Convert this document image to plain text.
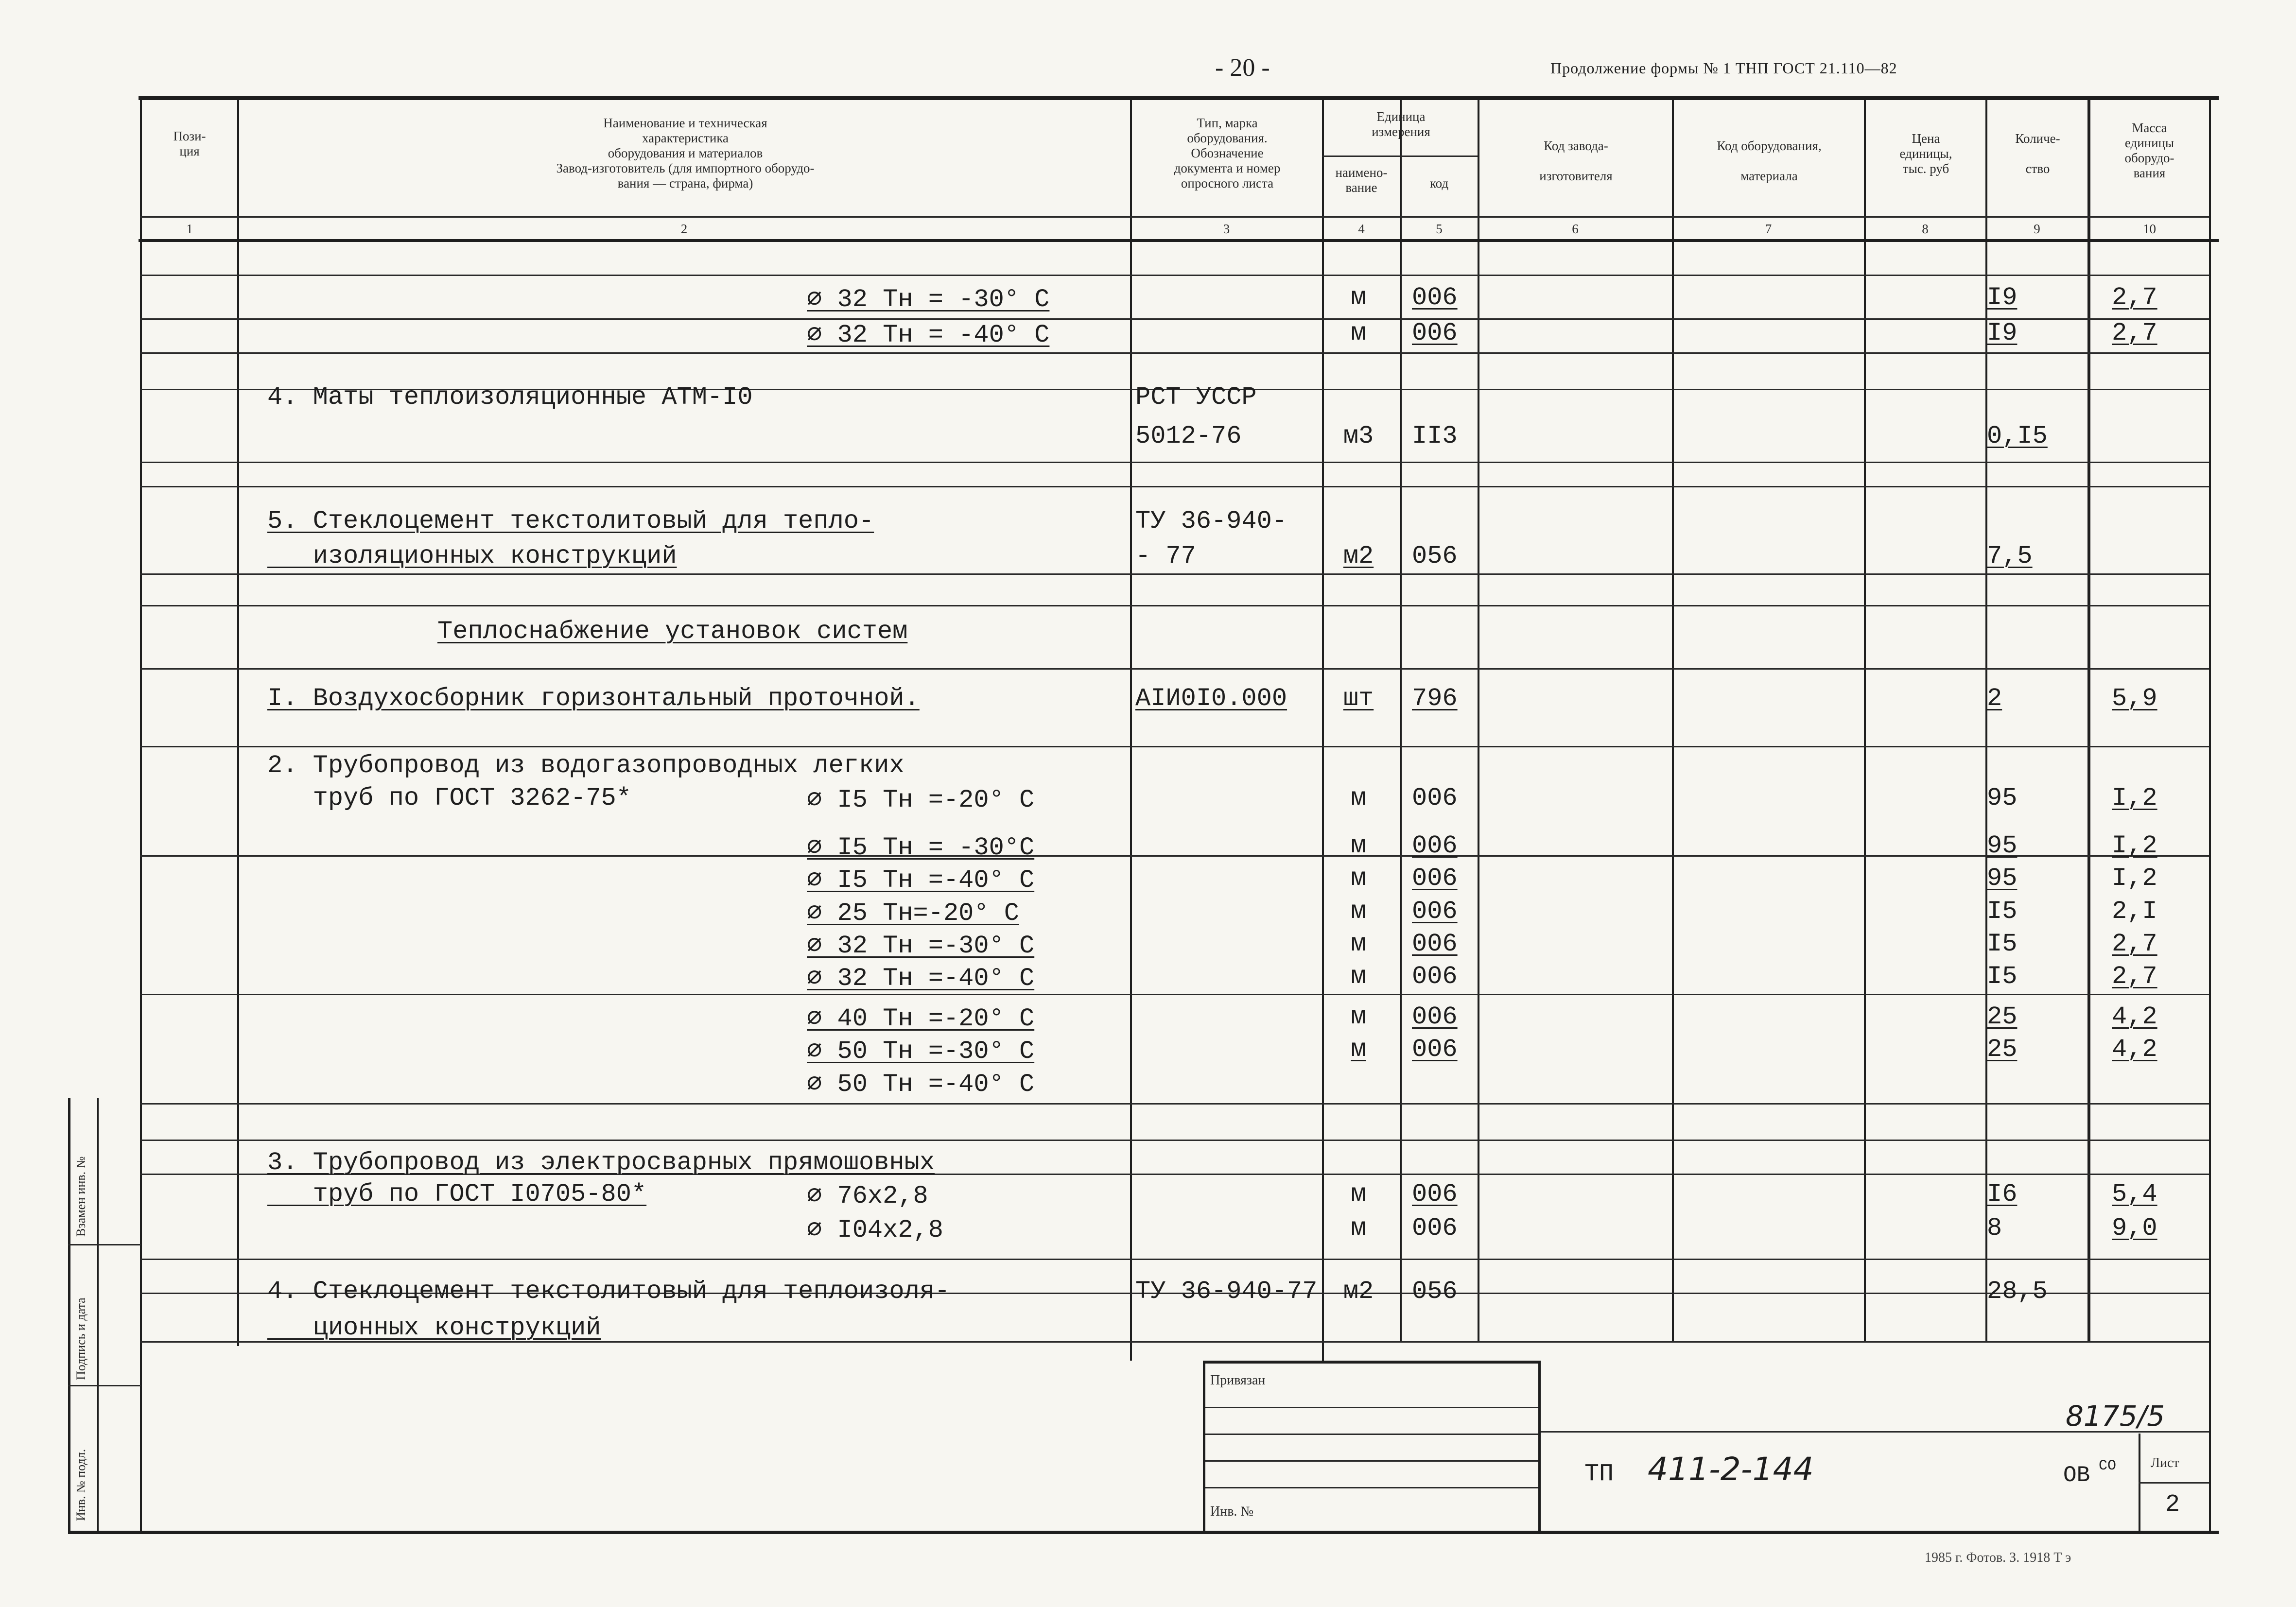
- 20 -	Продолжение формы № 1 ТНП ГОСТ 21.110—82
Пози-
ция
Наименование и техническая
характеристика
оборудования и материалов
Завод-изготовитель (для импортного оборудо-
вания — страна, фирма)
Тип, марка
оборудования.
Обозначение
документа и номер
опросного листа
Единица
измерения
наимено-
вание	код
Код завода-

изготовителя
Код оборудования,

материала
Цена
единицы,
тыс. руб
Количе-

ство
Масса
единицы
оборудо-
вания
1	2	3	4	5	6	7	8	9	10
⌀ 32 Тн = -30° С	м	006	I9	2,7
⌀ 32 Тн = -40° С	м	006	I9	2,7
4. Маты теплоизоляционные АТМ-I0	РСТ УССР
5012-76	м3	II3	0,I5
5. Стеклоцемент текстолитовый для тепло-	ТУ 36-940-
изоляционных конструкций	- 77	м2	056	7,5
Теплоснабжение установок систем
I. Воздухосборник горизонтальный проточной.	АIИ0I0.000	шт	796	2	5,9
2. Трубопровод из водогазопроводных легких
труб по ГОСТ 3262-75*	⌀ I5 Тн =-20° С	м	006	95	I,2
⌀ I5 Тн = -30°С	м	006	95	I,2
⌀ I5 Тн =-40° С	м	006	95	I,2
⌀ 25 Тн=-20° С	м	006	I5	2,I
⌀ 32 Тн =-30° С	м	006	I5	2,7
⌀ 32 Тн =-40° С	м	006	I5	2,7
⌀ 40 Тн =-20° С	м	006	25	4,2
⌀ 50 Тн =-30° С	м	006	25	4,2
⌀ 50 Тн =-40° С
3. Трубопровод из электросварных прямошовных
труб по ГОСТ I0705-80*	⌀ 76х2,8	м	006	I6	5,4
⌀ I04х2,8	м	006	8	9,0
4. Стеклоцемент текстолитовый для теплоизоля-	ТУ 36-940-77	м2	056	28,5
ционных конструкций
Инв. № подл.
Подпись и дата
Взамен инв. №
Привязан
Инв. №
8175/5
ТП 411-2-144	ОВ СО	Лист
2
1985 г. Фотов. З. 1918 Т э
